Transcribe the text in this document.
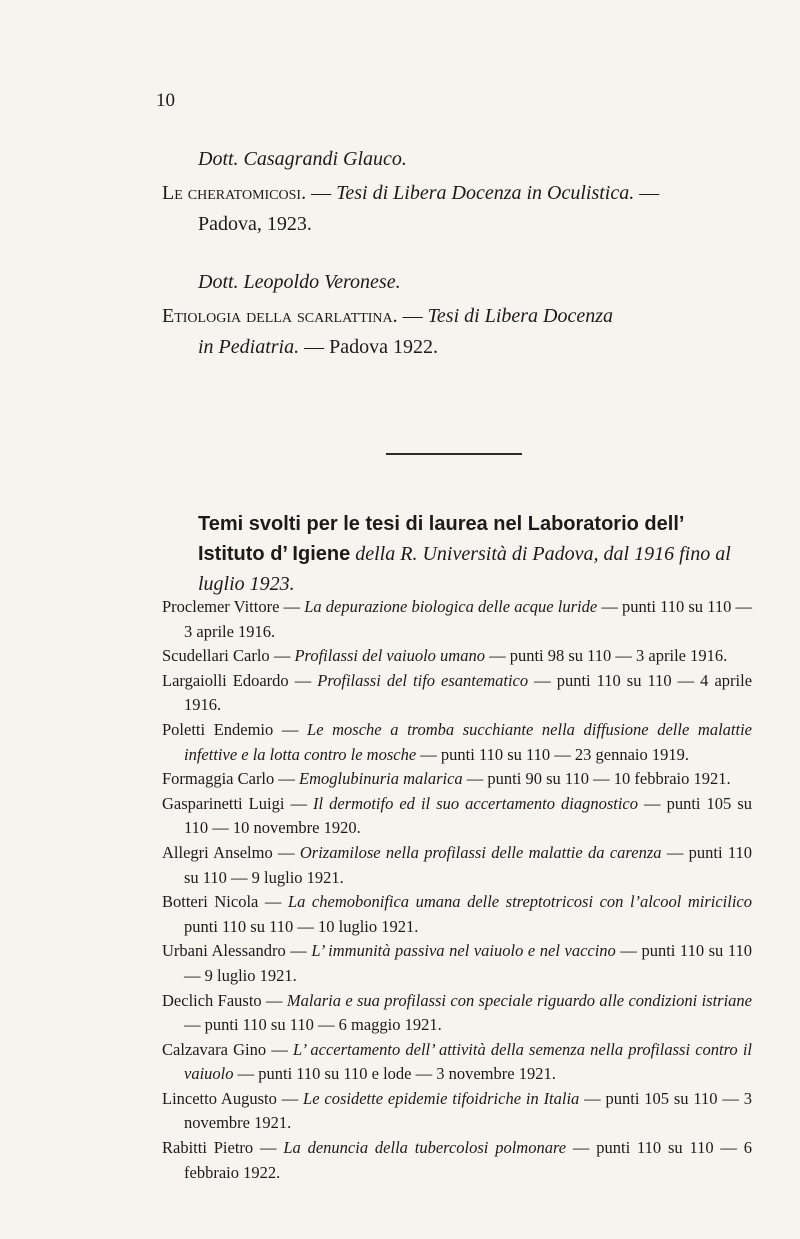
10
Dott. Casagrandi Glauco.
Le cheratomicosi. — Tesi di Libera Docenza in Oculistica. —
Padova, 1923.
Dott. Leopoldo Veronese.
Etiologia della scarlattina. — Tesi di Libera Docenza
in Pediatria. — Padova 1922.
Temi svolti per le tesi di laurea nel Laboratorio dell’ Istituto d’ Igiene della R. Università di Padova, dal 1916 fino al luglio 1923.
Proclemer Vittore — La depurazione biologica delle acque luride — punti 110 su 110 — 3 aprile 1916.
Scudellari Carlo — Profilassi del vaiuolo umano — punti 98 su 110 — 3 aprile 1916.
Largaiolli Edoardo — Profilassi del tifo esantematico — punti 110 su 110 — 4 aprile 1916.
Poletti Endemio — Le mosche a tromba succhiante nella diffusione delle malattie infettive e la lotta contro le mosche — punti 110 su 110 — 23 gennaio 1919.
Formaggia Carlo — Emoglubinuria malarica — punti 90 su 110 — 10 febbraio 1921.
Gasparinetti Luigi — Il dermotifo ed il suo accertamento diagnostico — punti 105 su 110 — 10 novembre 1920.
Allegri Anselmo — Orizamilose nella profilassi delle malattie da carenza — punti 110 su 110 — 9 luglio 1921.
Botteri Nicola — La chemobonifica umana delle streptotricosi con l’alcool miricilico punti 110 su 110 — 10 luglio 1921.
Urbani Alessandro — L’ immunità passiva nel vaiuolo e nel vaccino — punti 110 su 110 — 9 luglio 1921.
Declich Fausto — Malaria e sua profilassi con speciale riguardo alle condizioni istriane — punti 110 su 110 — 6 maggio 1921.
Calzavara Gino — L’ accertamento dell’ attività della semenza nella profilassi contro il vaiuolo — punti 110 su 110 e lode — 3 novembre 1921.
Lincetto Augusto — Le cosidette epidemie tifoidriche in Italia — punti 105 su 110 — 3 novembre 1921.
Rabitti Pietro — La denuncia della tubercolosi polmonare — punti 110 su 110 — 6 febbraio 1922.
